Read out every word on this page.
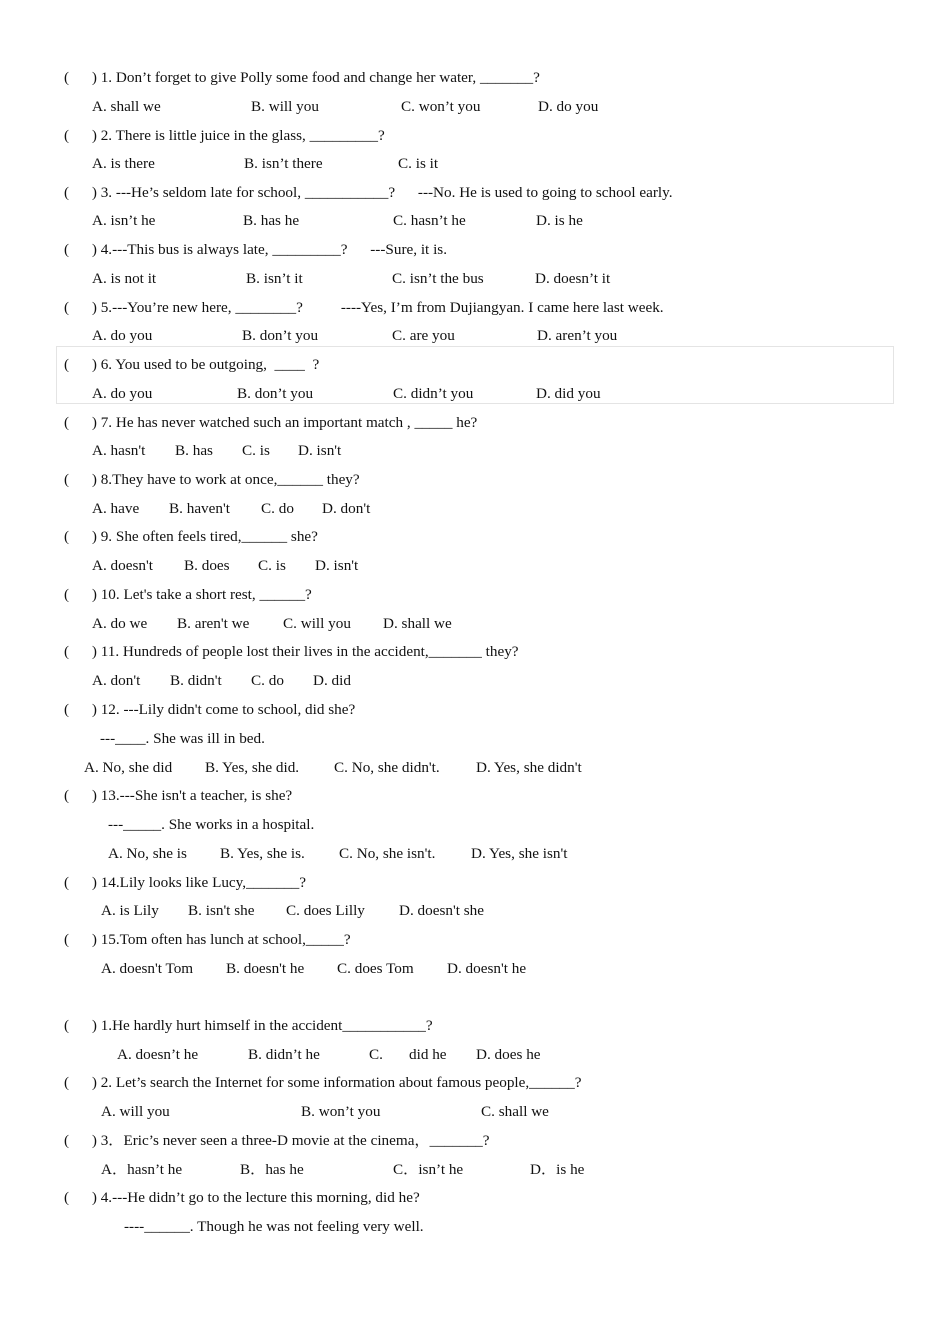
(      ) 1. Don’t forget to give Polly some food and change her water, _______?
A. shall we	B. will you	C. won’t you	D. do you
(      ) 2. There is little juice in the glass, _________?
A. is there	B. isn’t there	C. is it
(      ) 3. ---He’s seldom late for school, ___________?      ---No. He is used to going to school early.
A. isn’t he	B. has he	C. hasn’t he	D. is he
(      ) 4.---This bus is always late, _________?      ---Sure, it is.
A. is not it	B. isn’t it	C. isn’t the bus	D. doesn’t it
(      ) 5.---You’re new here, ________?          ----Yes, I’m from Dujiangyan. I came here last week.
A. do you	B. don’t you	C. are you	D. aren’t you
(      ) 6. You used to be outgoing,  ____  ?
A. do you	B. don’t you	C. didn’t you	D. did you
(      ) 7. He has never watched such an important match , _____ he?
A. hasn't B. has C. is D. isn't
(      ) 8.They have to work at once,______ they?
A. have B. haven't C. do D. don't
(      ) 9. She often feels tired,______ she?
A. doesn't B. does C. is D. isn't
(      ) 10. Let's take a short rest, ______?
A. do we B. aren't we C. will you D. shall we
(      ) 11. Hundreds of people lost their lives in the accident,_______ they?
A. don't B. didn't C. do D. did
(      ) 12. ---Lily didn't come to school, did she?
---____. She was ill in bed.
A. No, she did B. Yes, she did. C. No, she didn't. D. Yes, she didn't
(      ) 13.---She isn't a teacher, is she?
---_____. She works in a hospital.
A. No, she is B. Yes, she is. C. No, she isn't. D. Yes, she isn't
(      ) 14.Lily looks like Lucy,_______?
A. is Lily B. isn't she C. does Lilly D. doesn't she
(      ) 15.Tom often has lunch at school,_____?
A. doesn't Tom B. doesn't he C. does Tom D. doesn't he
(      ) 1.He hardly hurt himself in the accident___________?
A. doesn’t he	B. didn’t he	C. did he D. does he
(      ) 2. Let’s search the Internet for some information about famous people,______?
A. will you	B. won’t you	C. shall we
(      ) 3．Eric’s never seen a three-D movie at the cinema，_______?
A．hasn’t he	B．has he	C．isn’t he	D．is he
(      ) 4.---He didn’t go to the lecture this morning, did he?
----______. Though he was not feeling very well.
